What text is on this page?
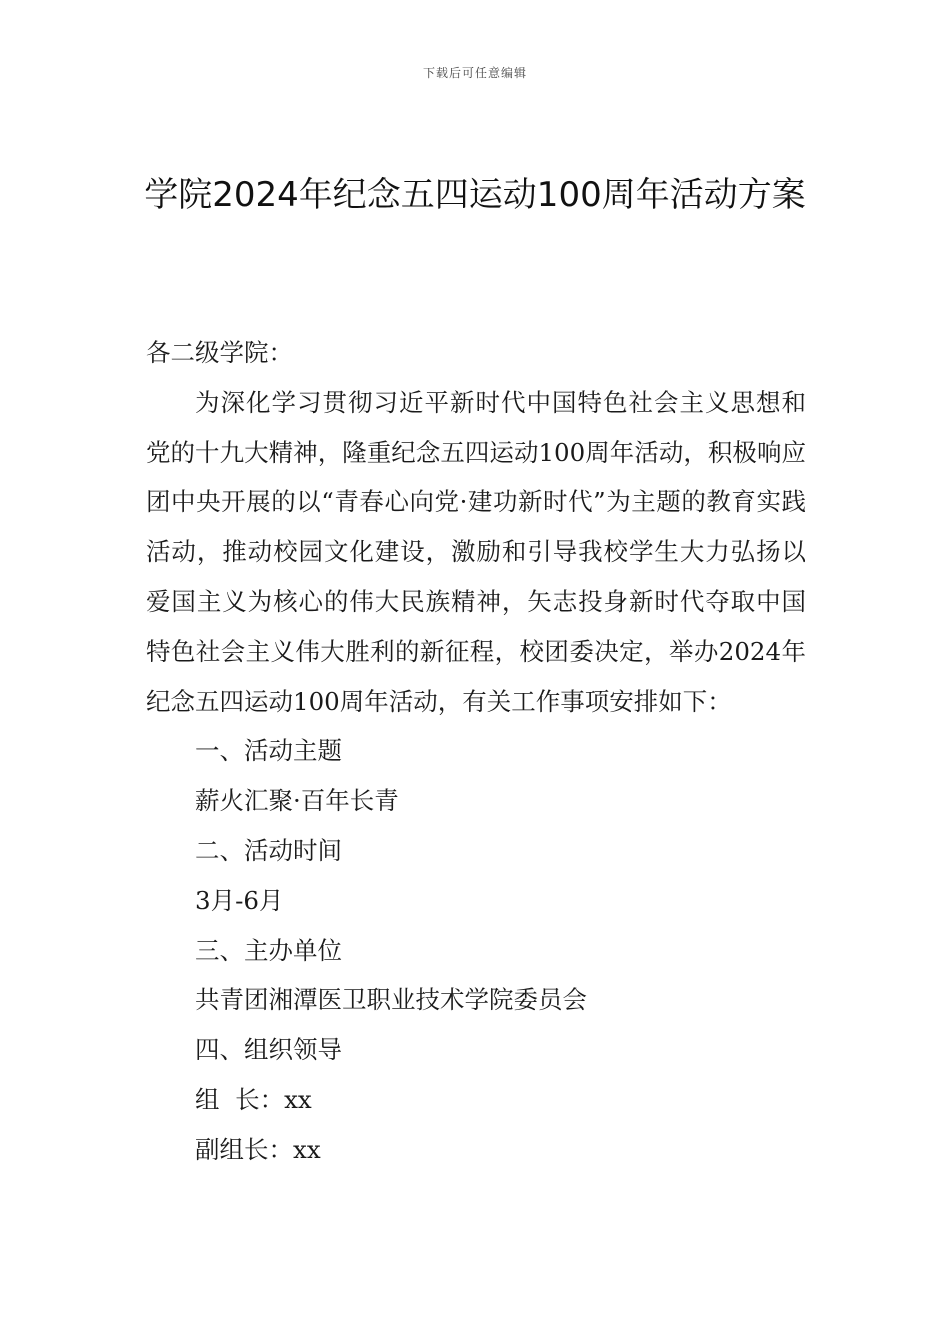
下载后可任意编辑
学院2024年纪念五四运动100周年活动方案

各二级学院：

为深化学习贯彻习近平新时代中国特色社会主义思想和党的十九大精神，隆重纪念五四运动100周年活动，积极响应团中央开展的以“青春心向党·建功新时代”为主题的教育实践活动，推动校园文化建设，激励和引导我校学生大力弘扬以爱国主义为核心的伟大民族精神，矢志投身新时代夺取中国特色社会主义伟大胜利的新征程，校团委决定，举办2024年纪念五四运动100周年活动，有关工作事项安排如下：

一、活动主题

薪火汇聚·百年长青

二、活动时间

3月-6月

三、主办单位

共青团湘潭医卫职业技术学院委员会

四、组织领导

组  长：xx

副组长：xx
